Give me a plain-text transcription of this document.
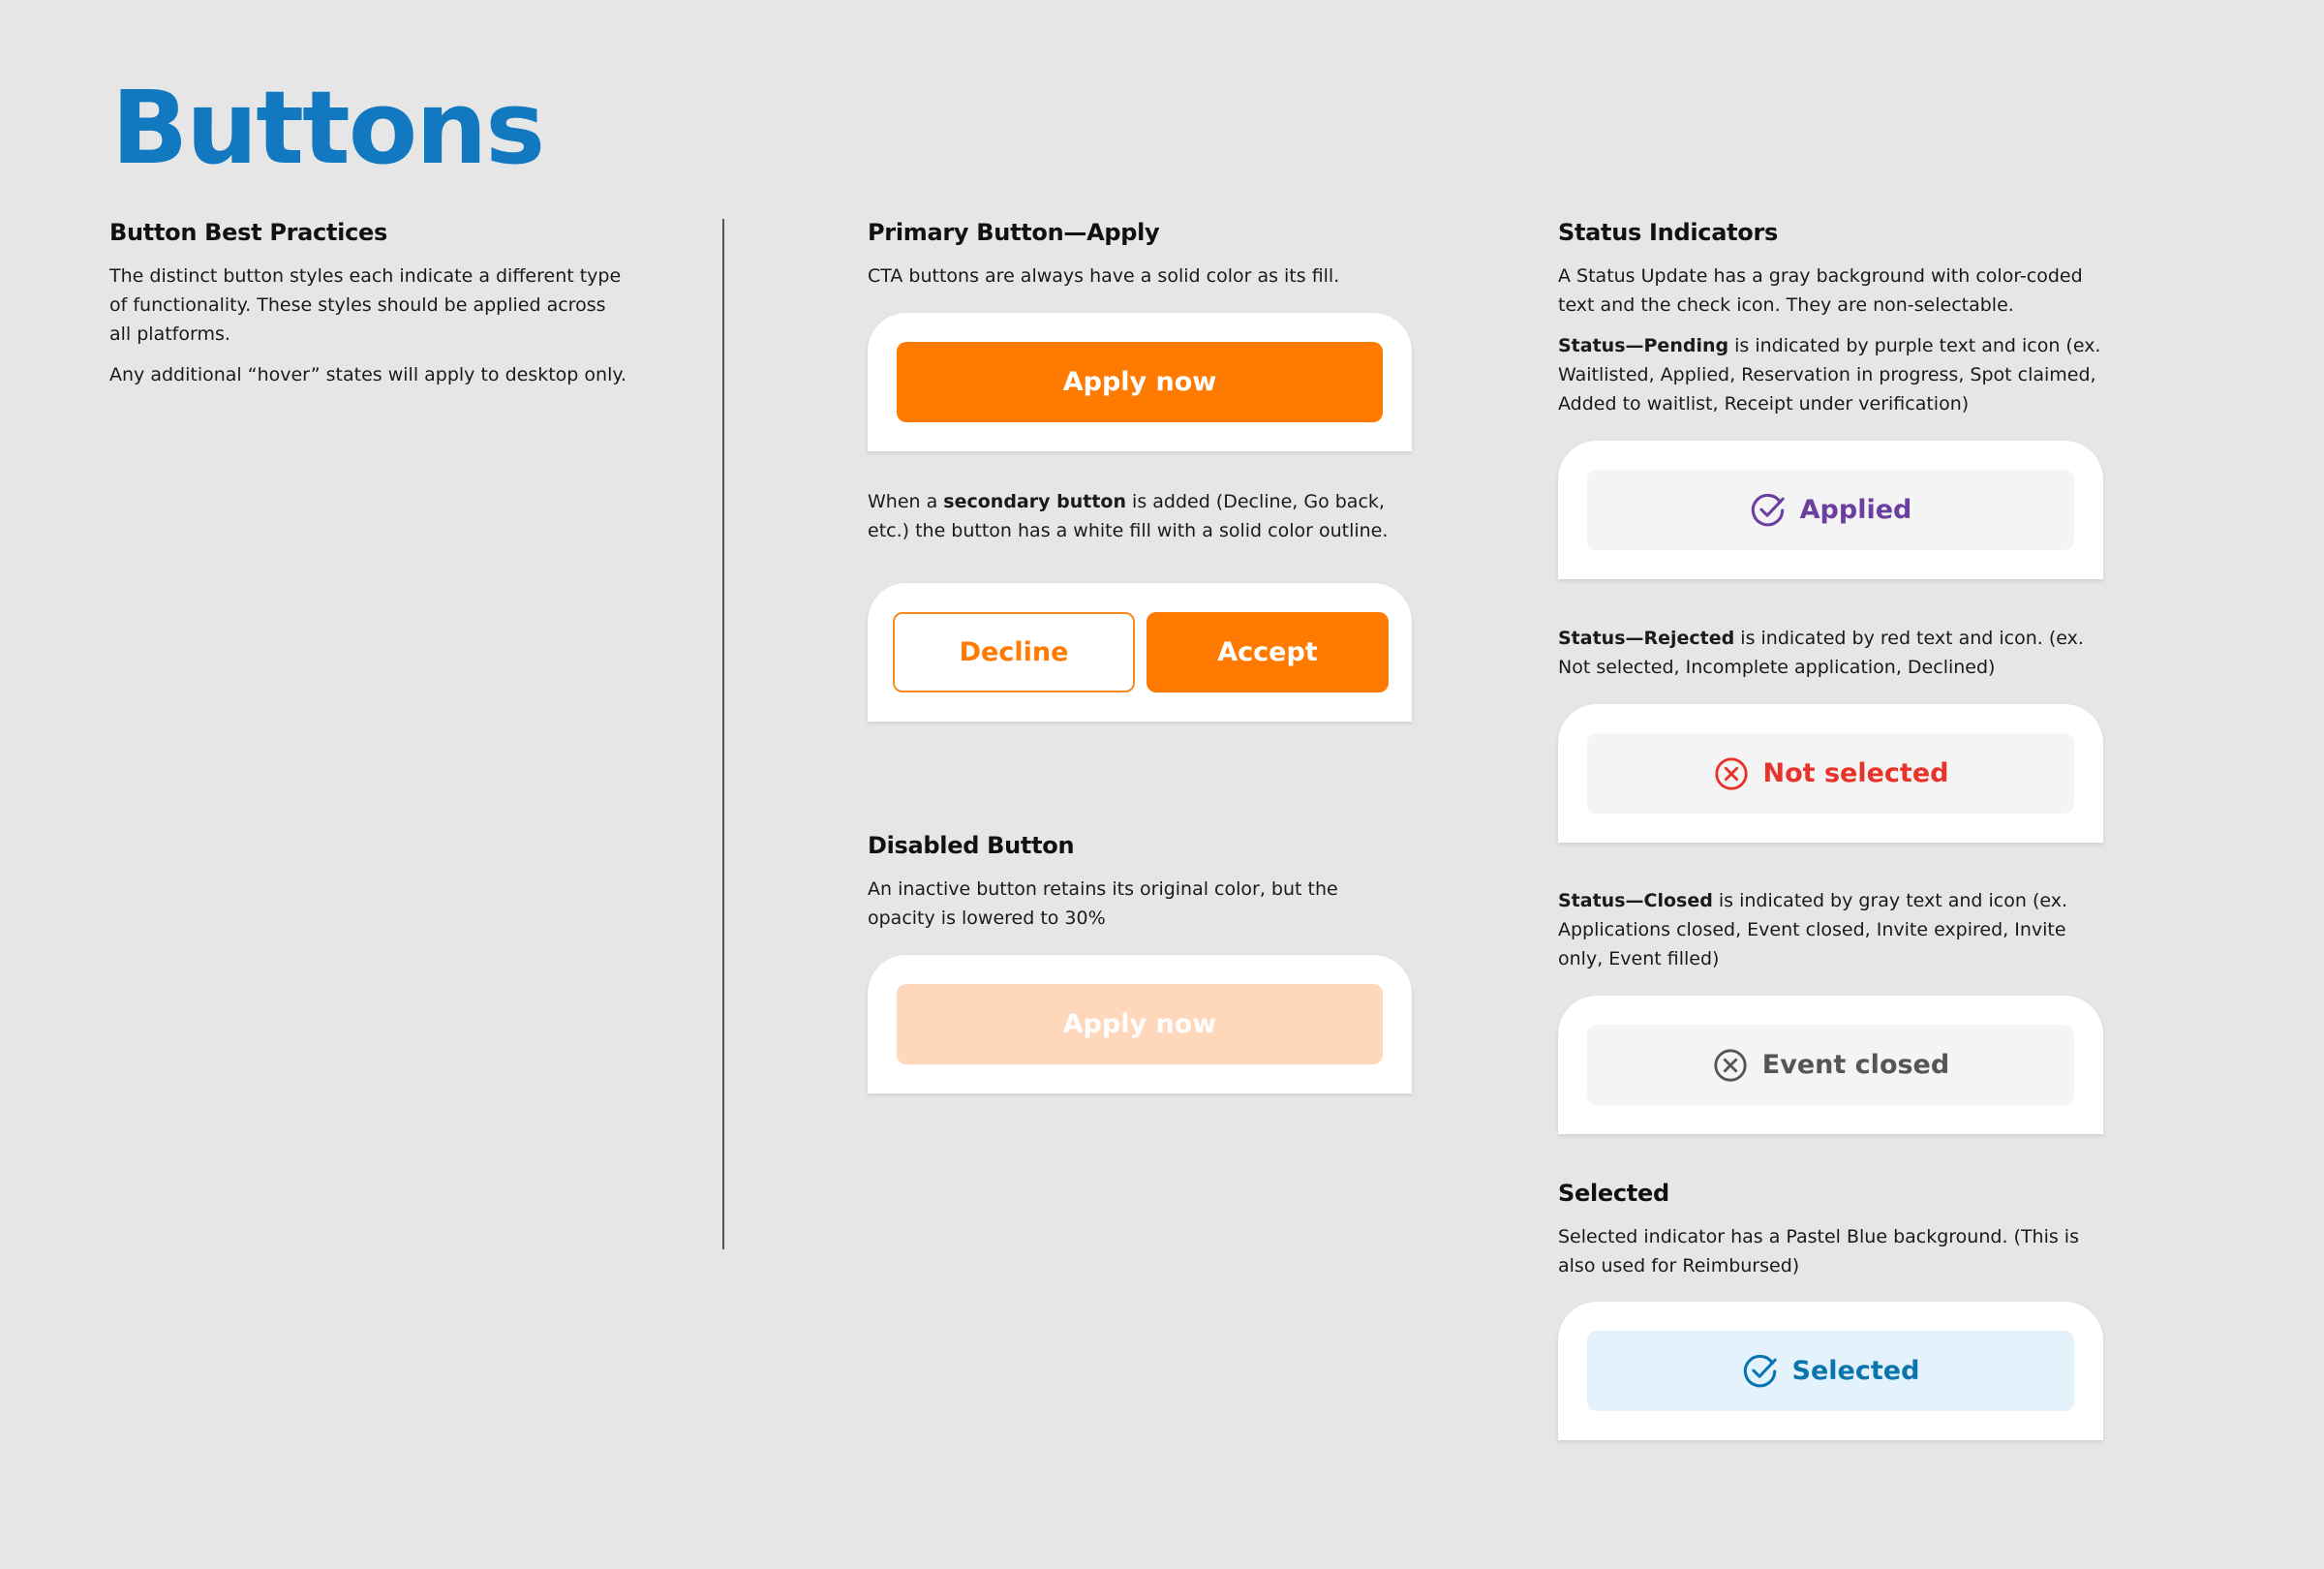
Buttons
Button Best Practices

The distinct button styles each indicate a different type of functionality. These styles should be applied across all platforms.

Any additional “hover” states will apply to desktop only.

Primary Button—Apply

CTA buttons are always have a solid color as its fill.

Apply now

When a secondary button is added (Decline, Go back, etc.) the button has a white fill with a solid color outline.

Decline	Accept
Disabled Button

An inactive button retains its original color, but the opacity is lowered to 30%

Apply now
Status Indicators

A Status Update has a gray background with color-coded text and the check icon. They are non-selectable.

Status—Pending is indicated by purple text and icon (ex. Waitlisted, Applied, Reservation in progress, Spot claimed, Added to waitlist, Receipt under verification)

Applied

Status—Rejected is indicated by red text and icon. (ex. Not selected, Incomplete application, Declined)

Not selected

Status—Closed is indicated by gray text and icon (ex. Applications closed, Event closed, Invite expired, Invite only, Event filled)

Event closed
Selected

Selected indicator has a Pastel Blue background. (This is also used for Reimbursed)

Selected
